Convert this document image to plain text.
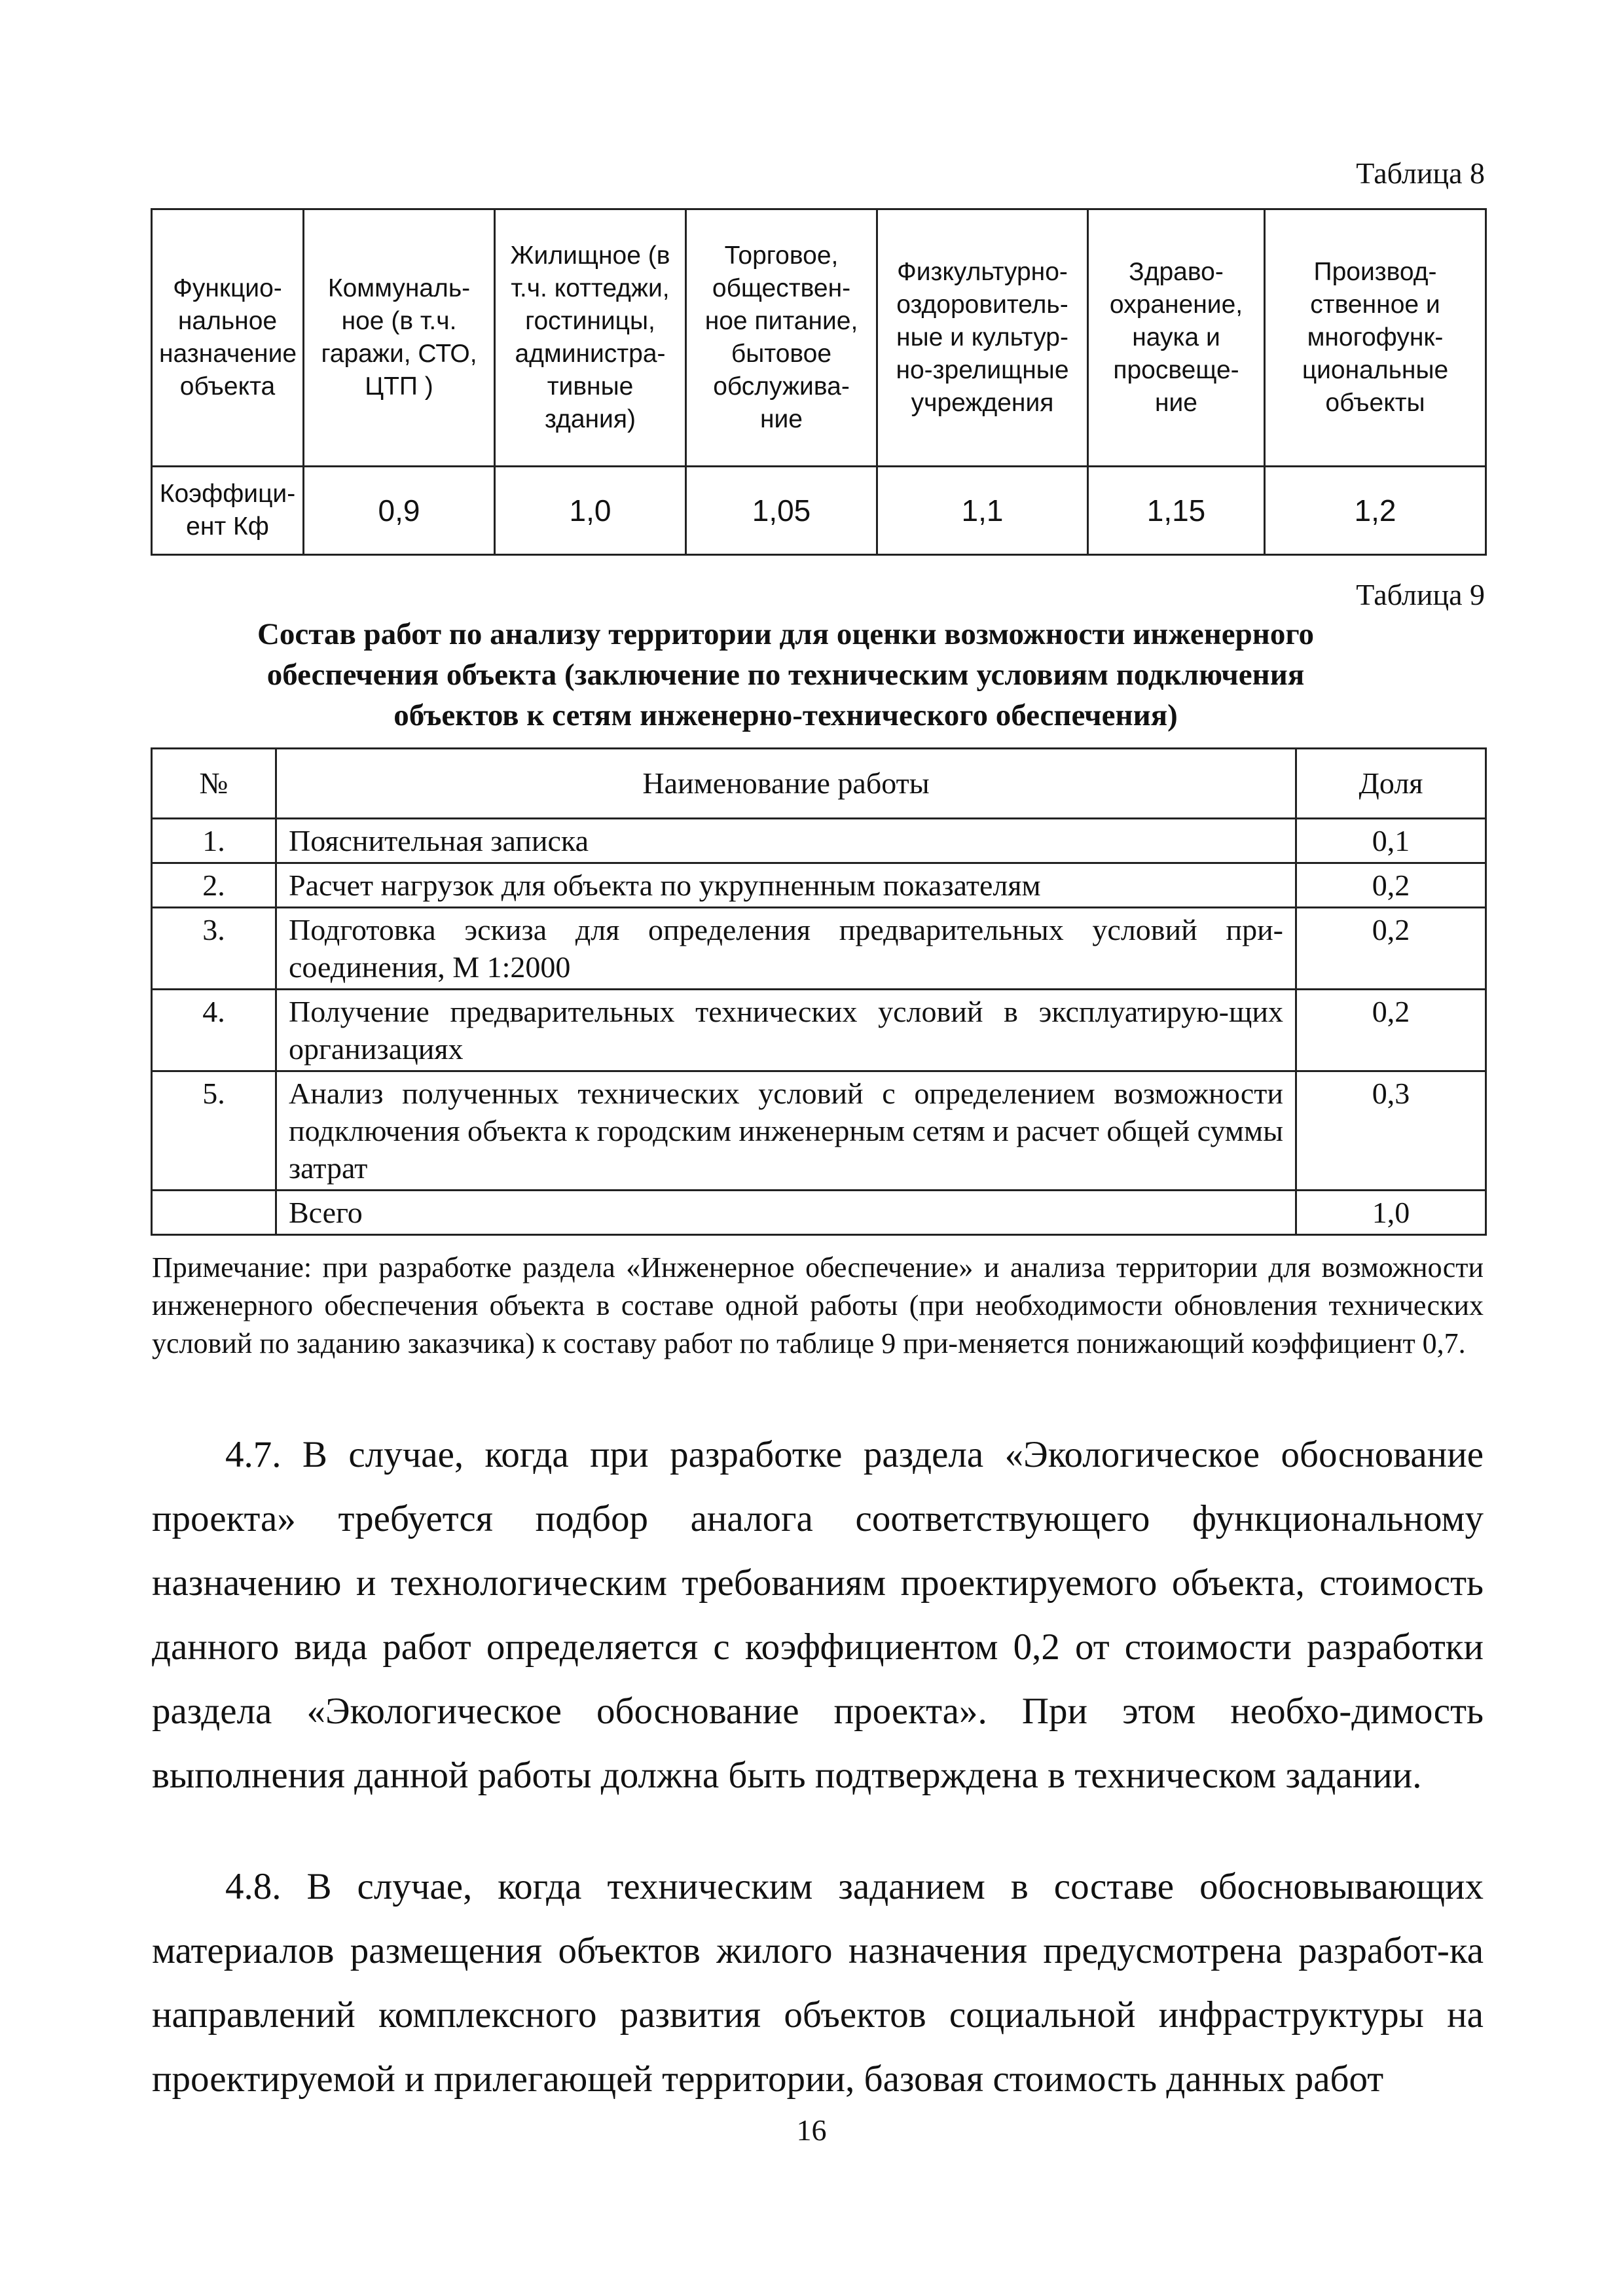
Таблица 8
Функцио-нальное назначение объекта	Коммуналь-ное (в т.ч. гаражи, СТО, ЦТП )	Жилищное (в т.ч. коттеджи, гостиницы, администра-тивные здания)	Торговое, обществен-ное питание, бытовое обслужива-ние	Физкультурно-оздоровитель-ные и культур-но-зрелищные учреждения	Здраво-охранение, наука и просвеще-ние	Производ-ственное и многофунк-циональные объекты
Коэффици-ент Кф	0,9	1,0	1,05	1,1	1,15	1,2
Таблица 9
Состав работ по анализу территории для оценки возможности инженерного обеспечения объекта (заключение по техническим условиям подключения объектов к сетям инженерно-технического обеспечения)
№	Наименование работы	Доля
1.	Пояснительная записка	0,1
2.	Расчет нагрузок для объекта по укрупненным показателям	0,2
3.	Подготовка эскиза для определения предварительных условий при-соединения, М 1:2000	0,2
4.	Получение предварительных технических условий в эксплуатирую-щих организациях	0,2
5.	Анализ полученных технических условий с определением возможности подключения объекта к городским инженерным сетям и расчет общей суммы затрат	0,3
	Всего	1,0
Примечание: при разработке раздела «Инженерное обеспечение» и анализа территории для возможности инженерного обеспечения объекта в составе одной работы (при необходимости обновления технических условий по заданию заказчика) к составу работ по таблице 9 при-меняется понижающий коэффициент 0,7.
4.7. В случае, когда при разработке раздела «Экологическое обоснование проекта» требуется подбор аналога соответствующего функциональному назначению и технологическим требованиям проектируемого объекта, стоимость данного вида работ определяется с коэффициентом 0,2 от стоимости разработки раздела «Экологическое обоснование проекта». При этом необхо-димость выполнения данной работы должна быть подтверждена в техническом задании.
4.8. В случае, когда техническим заданием в составе обосновывающих материалов размещения объектов жилого назначения предусмотрена разработ-ка направлений комплексного развития объектов социальной инфраструктуры на проектируемой и прилегающей территории, базовая стоимость данных работ
16
